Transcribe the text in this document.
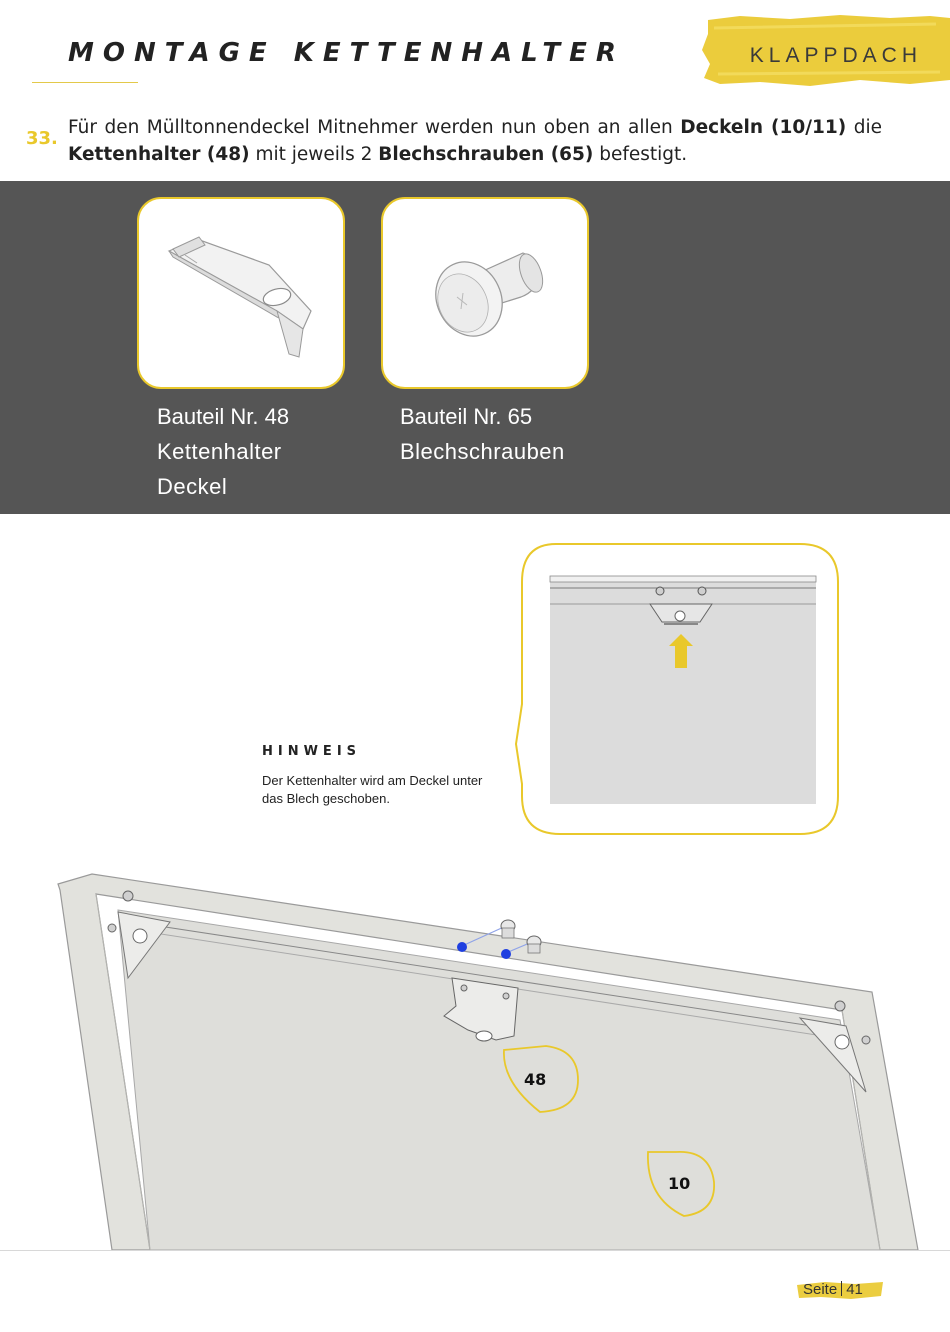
MONTAGE KETTENHALTER	KLAPPDACH
33.

Für den Mülltonnendeckel Mitnehmer werden nun oben an allen Deckeln (10/11) die Kettenhalter (48) mit jeweils 2 Blechschrauben (65) befestigt.

Bauteil Nr. 48
Kettenhalter
Deckel
Bauteil Nr. 65
Blechschrauben
HINWEIS
Der Kettenhalter wird am Deckel unter das Blech geschoben.
48
10
Seite 41
